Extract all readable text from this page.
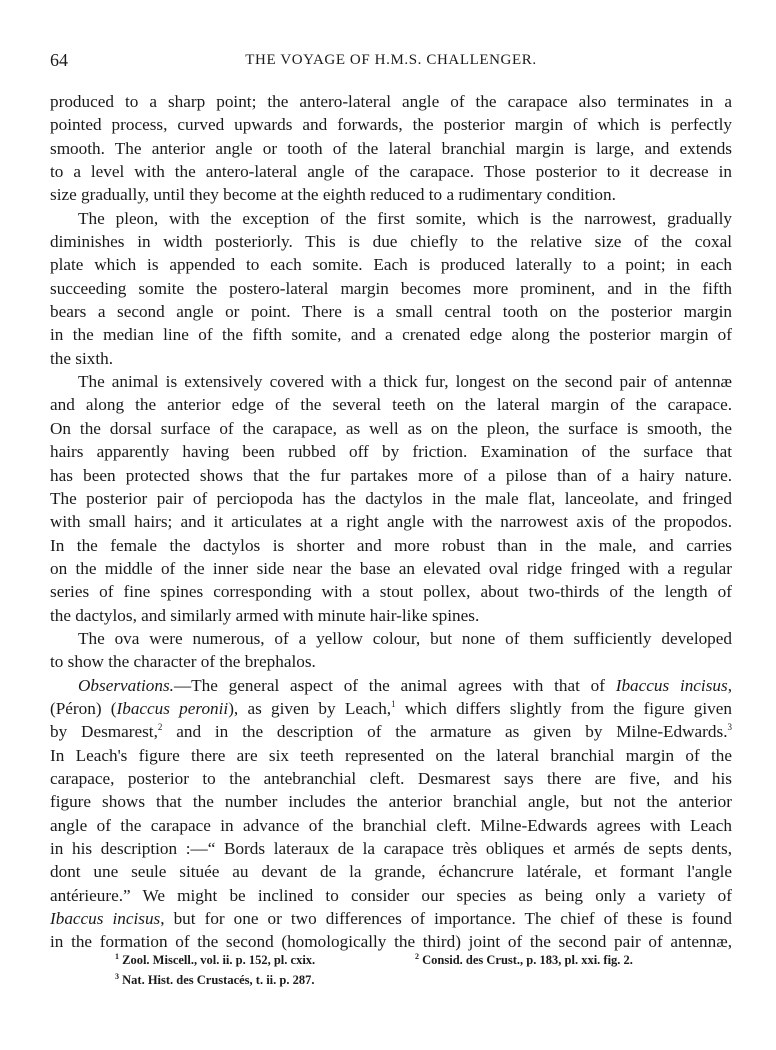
64	THE VOYAGE OF H.M.S. CHALLENGER.
produced to a sharp point; the antero-lateral angle of the carapace also terminates in a
pointed process, curved upwards and forwards, the posterior margin of which is perfectly
smooth. The anterior angle or tooth of the lateral branchial margin is large, and extends
to a level with the antero-lateral angle of the carapace. Those posterior to it decrease in
size gradually, until they become at the eighth reduced to a rudimentary condition.
The pleon, with the exception of the first somite, which is the narrowest, gradually
diminishes in width posteriorly. This is due chiefly to the relative size of the coxal
plate which is appended to each somite. Each is produced laterally to a point; in each
succeeding somite the postero-lateral margin becomes more prominent, and in the fifth
bears a second angle or point. There is a small central tooth on the posterior margin
in the median line of the fifth somite, and a crenated edge along the posterior margin of
the sixth.
The animal is extensively covered with a thick fur, longest on the second pair of antennæ
and along the anterior edge of the several teeth on the lateral margin of the carapace.
On the dorsal surface of the carapace, as well as on the pleon, the surface is smooth, the
hairs apparently having been rubbed off by friction. Examination of the surface that
has been protected shows that the fur partakes more of a pilose than of a hairy nature.
The posterior pair of perciopoda has the dactylos in the male flat, lanceolate, and fringed
with small hairs; and it articulates at a right angle with the narrowest axis of the propodos.
In the female the dactylos is shorter and more robust than in the male, and carries
on the middle of the inner side near the base an elevated oval ridge fringed with a regular
series of fine spines corresponding with a stout pollex, about two-thirds of the length of
the dactylos, and similarly armed with minute hair-like spines.
The ova were numerous, of a yellow colour, but none of them sufficiently developed
to show the character of the brephalos.
Observations.—The general aspect of the animal agrees with that of Ibaccus incisus,
(Péron) (Ibaccus peronii), as given by Leach,$^1$ which differs slightly from the figure given
by Desmarest,$^2$ and in the description of the armature as given by Milne-Edwards.$^3$
In Leach's figure there are six teeth represented on the lateral branchial margin of the
carapace, posterior to the antebranchial cleft. Desmarest says there are five, and his
figure shows that the number includes the anterior branchial angle, but not the anterior
angle of the carapace in advance of the branchial cleft. Milne-Edwards agrees with Leach
in his description :—“ Bords lateraux de la carapace très obliques et armés de septs dents,
dont une seule située au devant de la grande, échancrure latérale, et formant l'angle
antérieure.” We might be inclined to consider our species as being only a variety of
Ibaccus incisus, but for one or two differences of importance. The chief of these is found
in the formation of the second (homologically the third) joint of the second pair of antennæ,
$^1$ Zool. Miscell., vol. ii. p. 152, pl. cxix.	$^2$ Consid. des Crust., p. 183, pl. xxi. fig. 2.
$^3$ Nat. Hist. des Crustacés, t. ii. p. 287.
